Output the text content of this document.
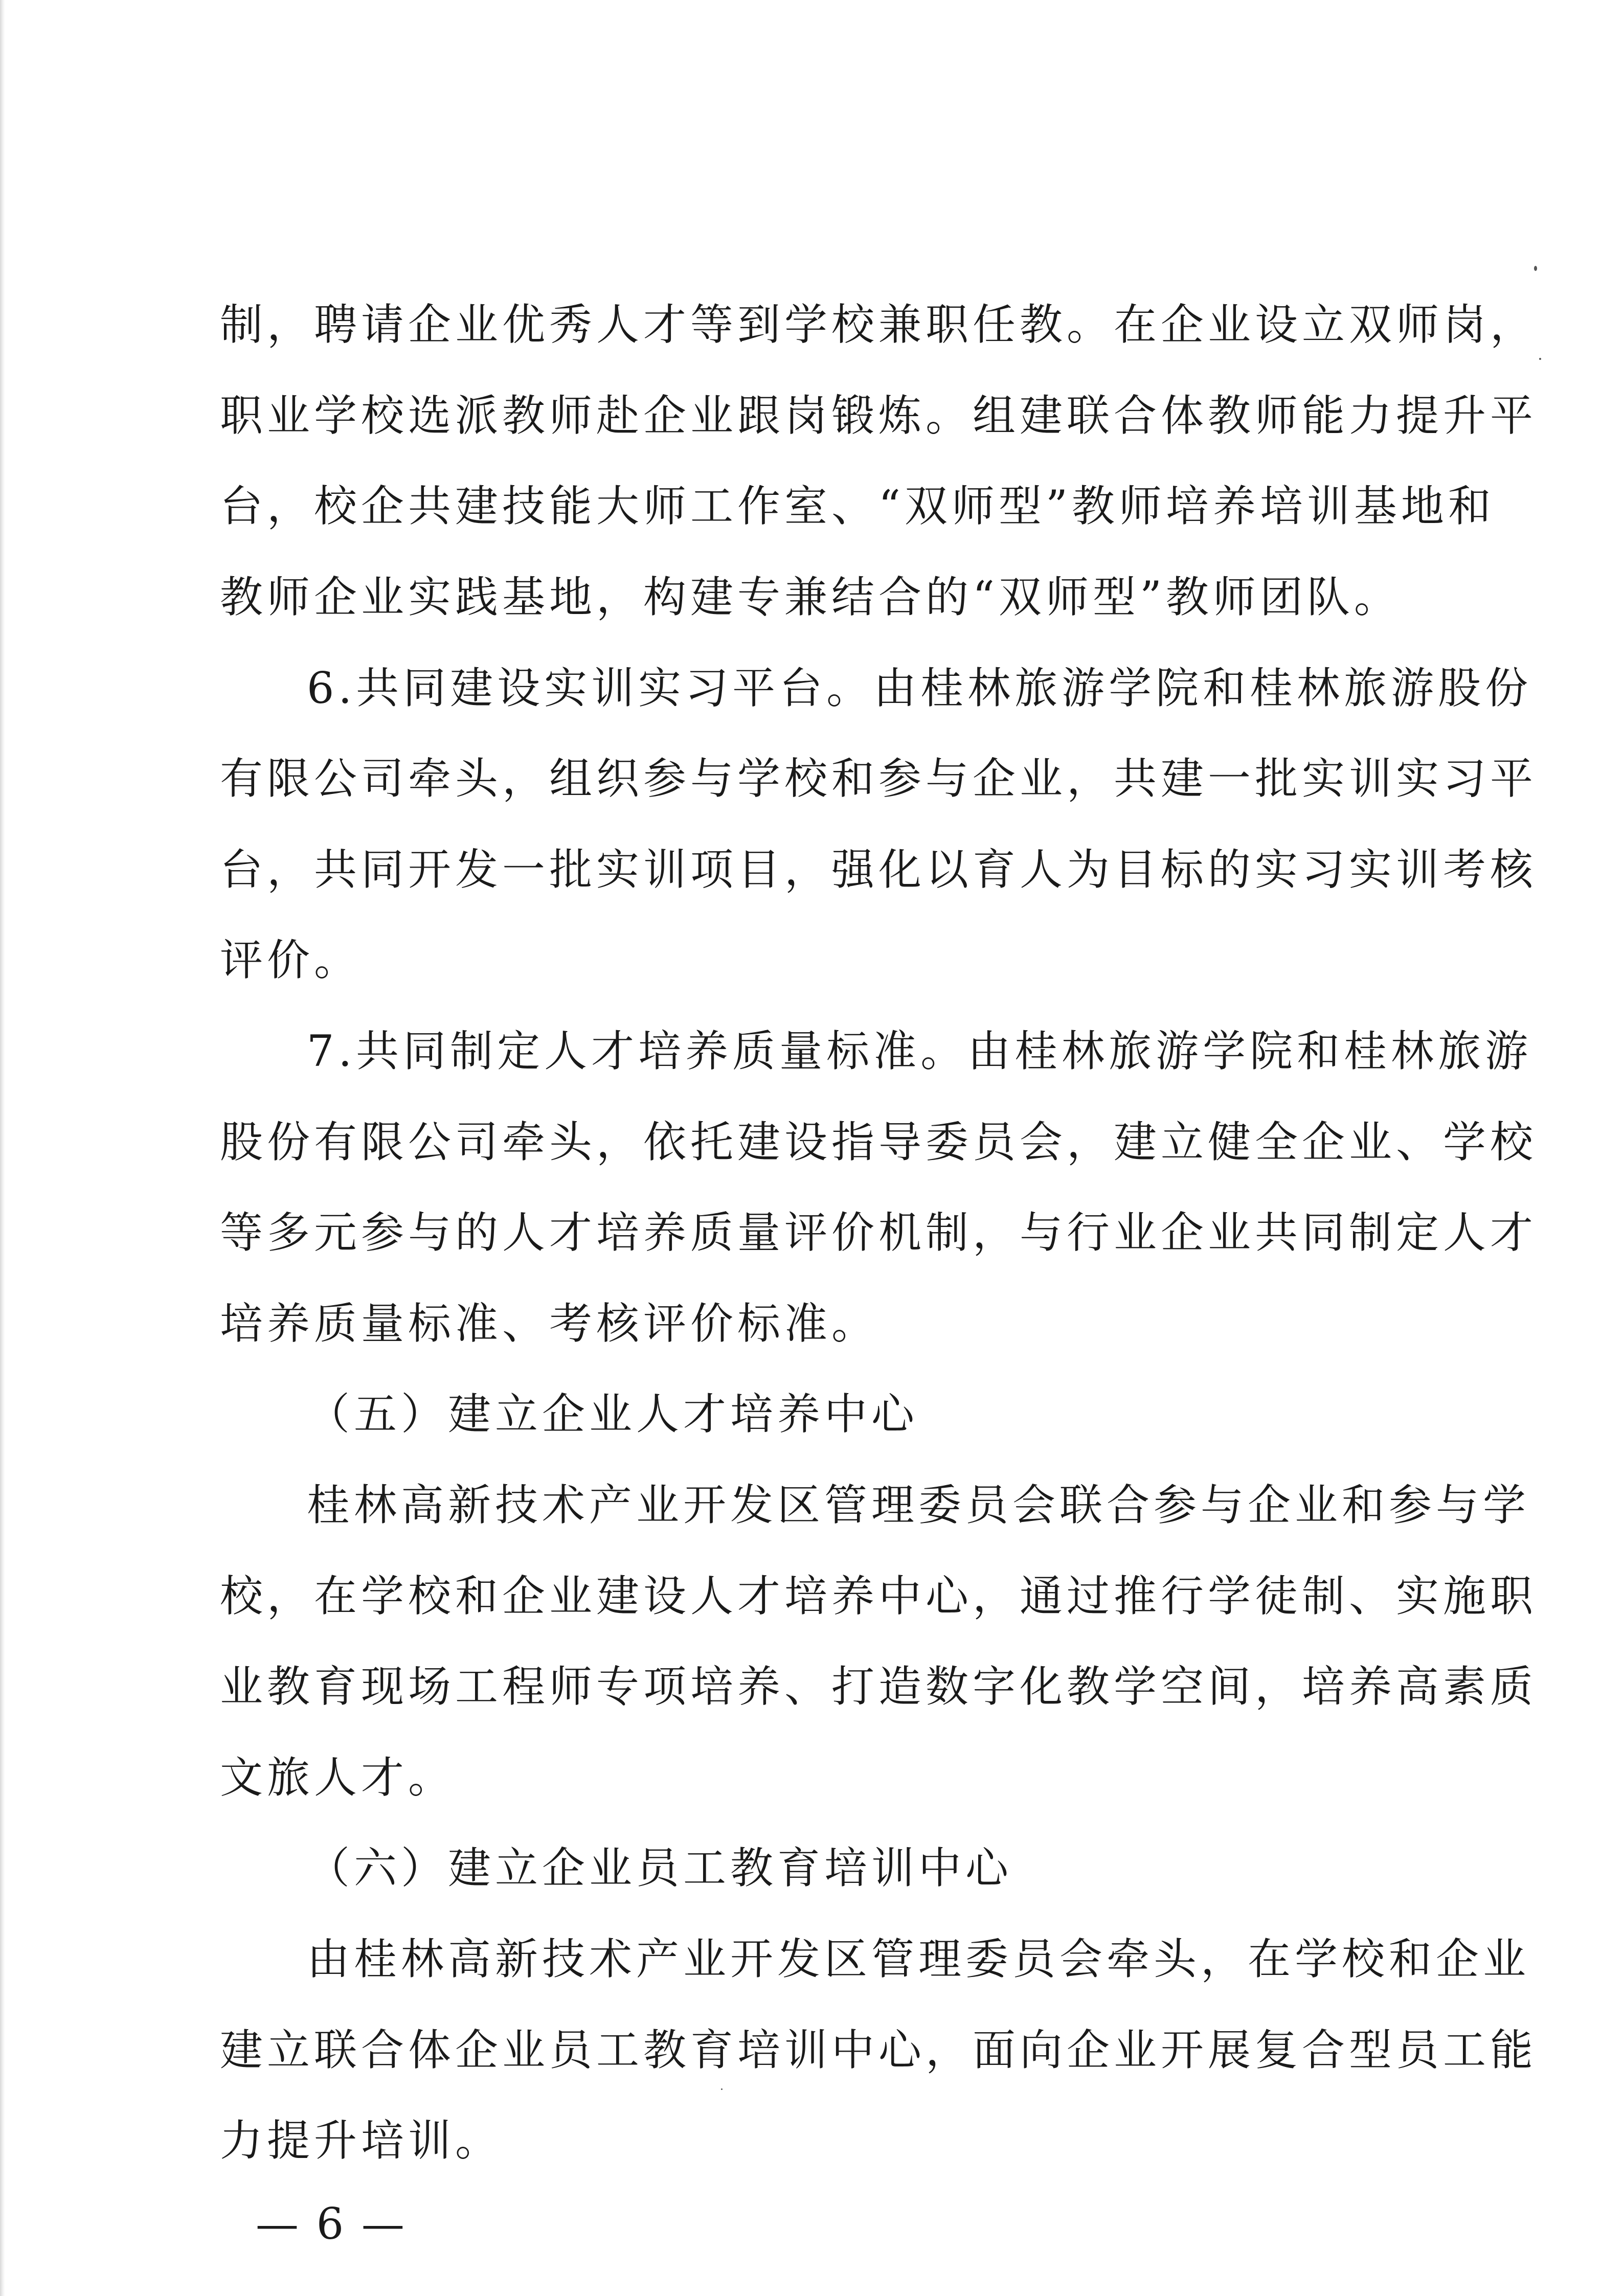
制，聘请企业优秀人才等到学校兼职任教。在企业设立双师岗，
职业学校选派教师赴企业跟岗锻炼。组建联合体教师能力提升平
台，校企共建技能大师工作室、“双师型”教师培养培训基地和
教师企业实践基地，构建专兼结合的“双师型”教师团队。
6.共同建设实训实习平台。由桂林旅游学院和桂林旅游股份
有限公司牵头，组织参与学校和参与企业，共建一批实训实习平
台，共同开发一批实训项目，强化以育人为目标的实习实训考核
评价。
7.共同制定人才培养质量标准。由桂林旅游学院和桂林旅游
股份有限公司牵头，依托建设指导委员会，建立健全企业、学校
等多元参与的人才培养质量评价机制，与行业企业共同制定人才
培养质量标准、考核评价标准。
（五）建立企业人才培养中心
桂林高新技术产业开发区管理委员会联合参与企业和参与学
校，在学校和企业建设人才培养中心，通过推行学徒制、实施职
业教育现场工程师专项培养、打造数字化教学空间，培养高素质
文旅人才。
（六）建立企业员工教育培训中心
由桂林高新技术产业开发区管理委员会牵头，在学校和企业
建立联合体企业员工教育培训中心，面向企业开展复合型员工能
力提升培训。
— 6 —
